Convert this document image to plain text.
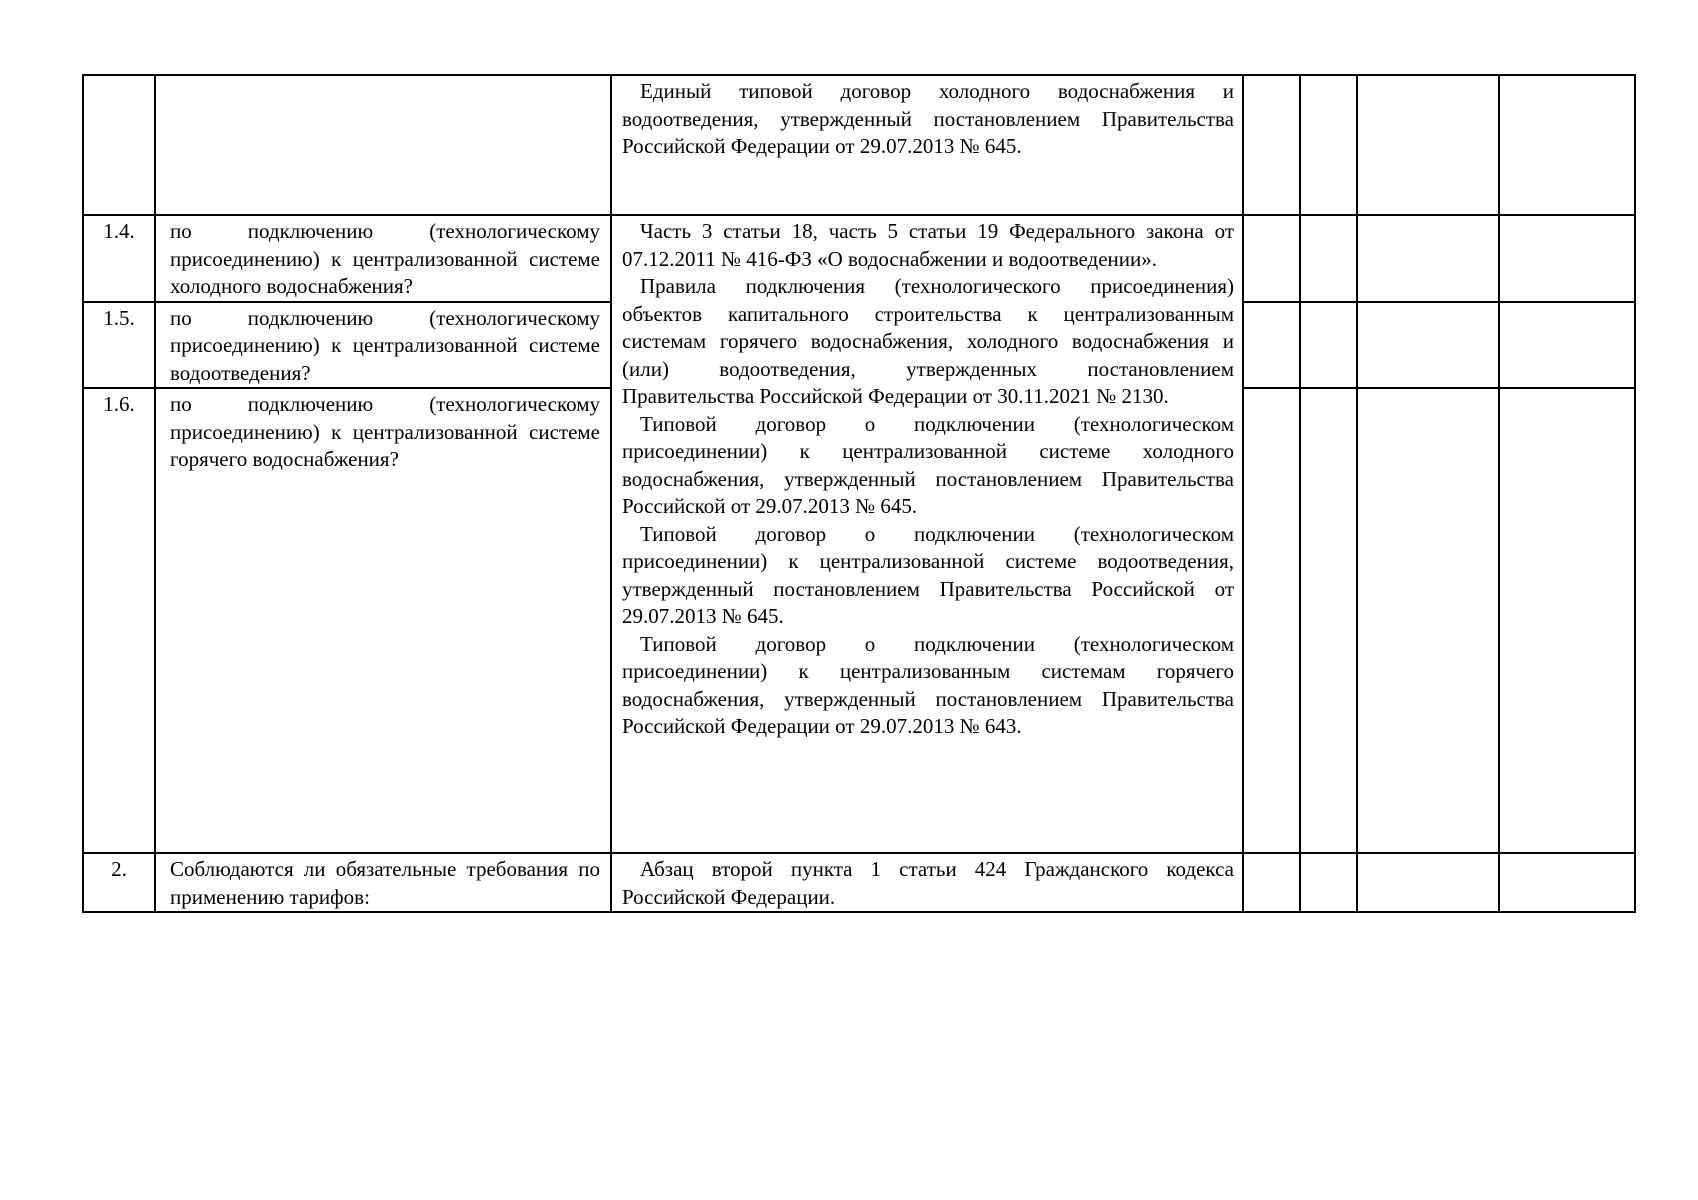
		Единый типовой договор холодного водоснабжения и водоотведения, утвержденный постановлением Правительства Российской Федерации от 29.07.2013 № 645.				

1.4.	по подключению (технологическому присоединению) к централизованной системе холодного водоснабжения?	Часть 3 статьи 18, часть 5 статьи 19 Федерального закона от 07.12.2011 № 416-ФЗ «О водоснабжении и водоотведении».

Правила подключения (технологического присоединения) объектов капитального строительства к централизованным системам горячего водоснабжения, холодного водоснабжения и (или) водоотведения, утвержденных постановлением Правительства Российской Федерации от 30.11.2021 № 2130.

Типовой договор о подключении (технологическом присоединении) к централизованной системе холодного водоснабжения, утвержденный постановлением Правительства Российской от 29.07.2013 № 645.

Типовой договор о подключении (технологическом присоединении) к централизованной системе водоотведения, утвержденный постановлением Правительства Российской от 29.07.2013 № 645.

Типовой договор о подключении (технологическом присоединении) к централизованным системам горячего водоснабжения, утвержденный постановлением Правительства Российской Федерации от 29.07.2013 № 643.				

1.5.	по подключению (технологическому присоединению) к централизованной системе водоотведения?					
1.6.	по подключению (технологическому присоединению) к централизованной системе горячего водоснабжения?					
2.	Соблюдаются ли обязательные требования по применению тарифов:	Абзац второй пункта 1 статьи 424 Гражданского кодекса Российской Федерации.				
